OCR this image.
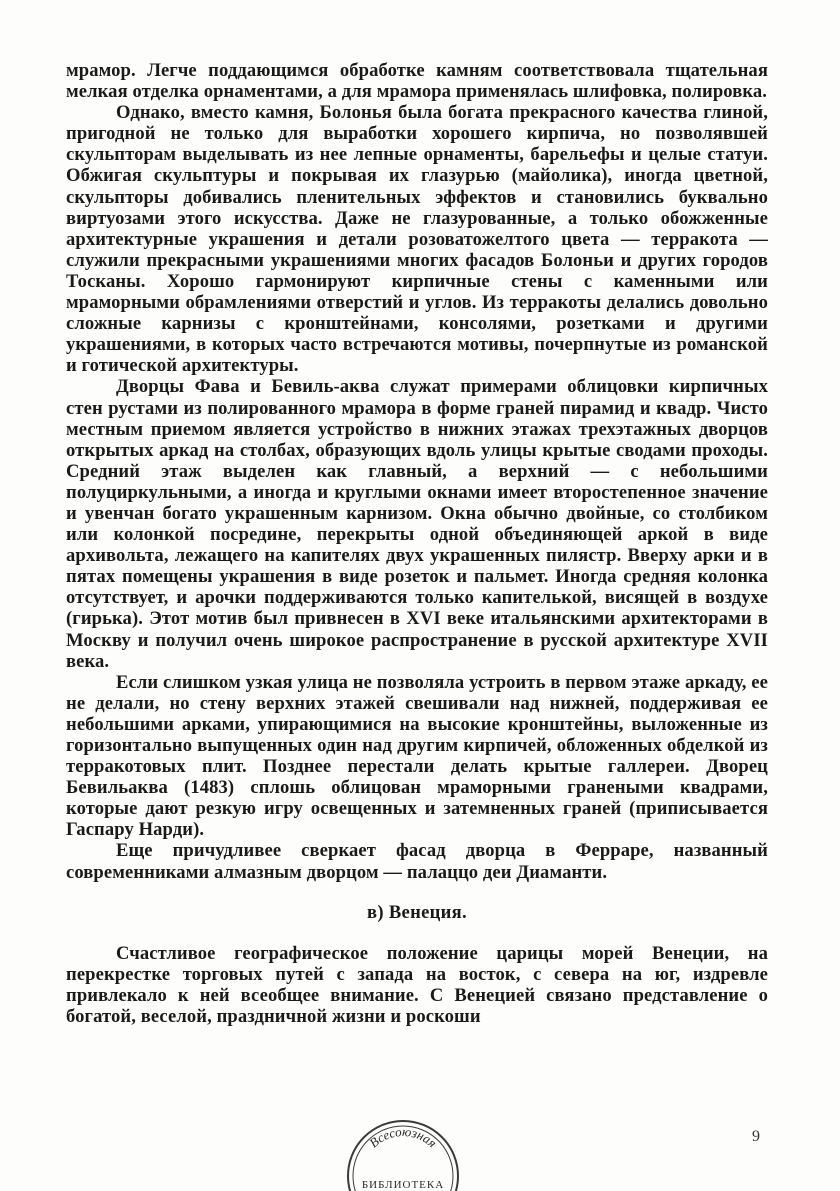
мрамор. Легче поддающимся обработке камням соответствовала тщательная мелкая отделка орнаментами, а для мрамора применялась шлифовка, полировка.

Однако, вместо камня, Болонья была богата прекрасного качества глиной, пригодной не только для выработки хорошего кирпича, но позволявшей скульпторам выделывать из нее лепные орнаменты, барельефы и целые статуи. Обжигая скульптуры и покрывая их глазурью (майолика), иногда цветной, скульпторы добивались пленительных эффектов и становились буквально виртуозами этого искусства. Даже не глазурованные, а только обожженные архитектурные украшения и детали розоватожелтого цвета — терракота — служили прекрасными украшениями многих фасадов Болоньи и других городов Тосканы. Хорошо гармонируют кирпичные стены с каменными или мраморными обрамлениями отверстий и углов. Из терракоты делались довольно сложные карнизы с кронштейнами, консолями, розетками и другими украшениями, в которых часто встречаются мотивы, почерпнутые из романской и готической архитектуры.

Дворцы Фава и Бевиль-аква служат примерами облицовки кирпичных стен рустами из полированного мрамора в форме граней пирамид и квадр. Чисто местным приемом является устройство в нижних этажах трехэтажных дворцов открытых аркад на столбах, образующих вдоль улицы крытые сводами проходы. Средний этаж выделен как главный, а верхний — с небольшими полуциркульными, а иногда и круглыми окнами имеет второстепенное значение и увенчан богато украшенным карнизом. Окна обычно двойные, со столбиком или колонкой посредине, перекрыты одной объединяющей аркой в виде архивольта, лежащего на капителях двух украшенных пилястр. Вверху арки и в пятах помещены украшения в виде розеток и пальмет. Иногда средняя колонка отсутствует, и арочки поддерживаются только капителькой, висящей в воздухе (гирька). Этот мотив был привнесен в XVI веке итальянскими архитекторами в Москву и получил очень широкое распространение в русской архитектуре XVII века.

Если слишком узкая улица не позволяла устроить в первом этаже аркаду, ее не делали, но стену верхних этажей свешивали над нижней, поддерживая ее небольшими арками, упирающимися на высокие кронштейны, выложенные из горизонтально выпущенных один над другим кирпичей, обложенных обделкой из терракотовых плит. Позднее перестали делать крытые галлереи. Дворец Бевильаква (1483) сплошь облицован мраморными гранеными квадрами, которые дают резкую игру освещенных и затемненных граней (приписывается Гаспару Нарди).

Еще причудливее сверкает фасад дворца в Ферраре, названный современниками алмазным дворцом — палаццо деи Диаманти.

в) Венеция.

Счастливое географическое положение царицы морей Венеции, на перекрестке торговых путей с запада на восток, с севера на юг, издревле привлекало к ней всеобщее внимание. С Венецией связано представление о богатой, веселой, праздничной жизни и роскоши

9
Всесоюзная
БИБЛИОТЕКА
